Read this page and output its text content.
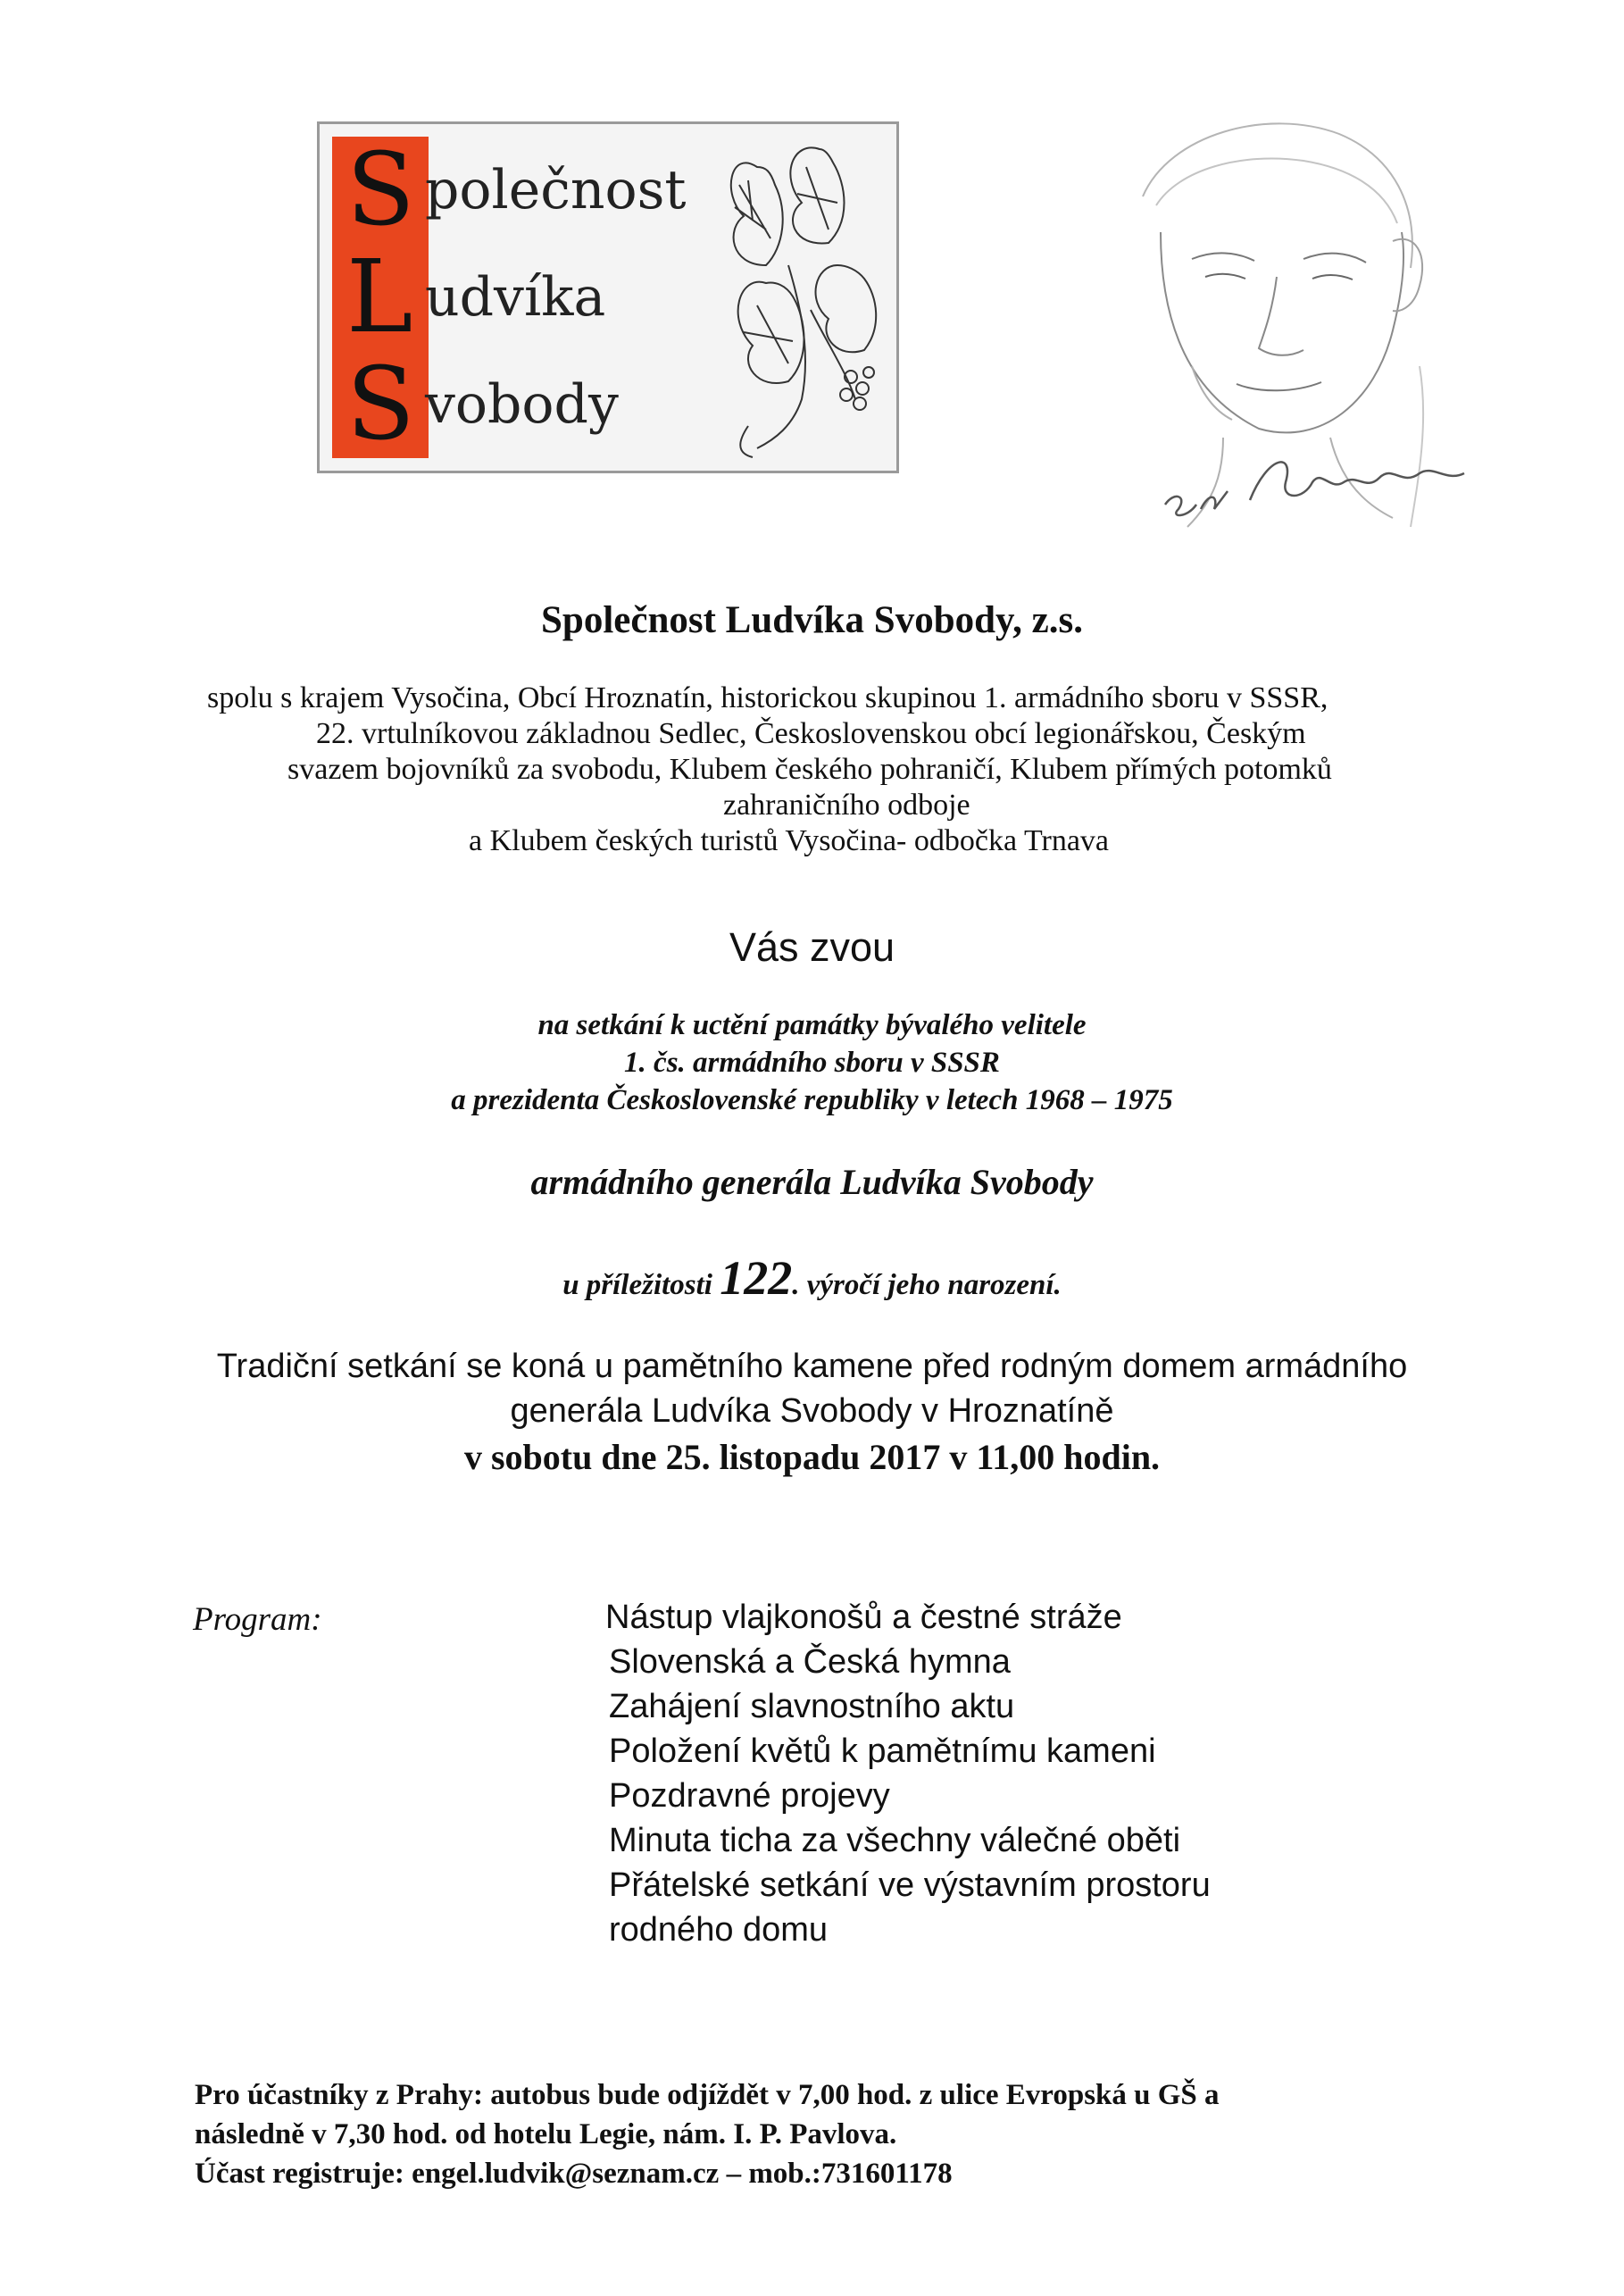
Společnost
Ludvíka
Svobody
Společnost Ludvíka Svobody, z.s.
spolu s krajem Vysočina, Obcí Hroznatín, historickou skupinou 1. armádního sboru v SSSR,
22. vrtulníkovou základnou Sedlec, Československou obcí legionářskou, Českým
svazem bojovníků za svobodu, Klubem českého pohraničí, Klubem přímých potomků
zahraničního odboje
a Klubem českých turistů Vysočina- odbočka Trnava
Vás zvou
na setkání k uctění památky bývalého velitele
1. čs. armádního sboru v SSSR
a prezidenta Československé republiky v letech 1968 – 1975
armádního generála Ludvíka Svobody
u příležitosti 122. výročí jeho narození.
Tradiční setkání se koná u pamětního kamene před rodným domem armádního
generála Ludvíka Svobody v Hroznatíně
v sobotu dne 25. listopadu 2017 v 11,00 hodin.
Program:	Nástup vlajkonošů a čestné stráže
Slovenská a Česká hymna
Zahájení slavnostního aktu
Položení květů k pamětnímu kameni
Pozdravné projevy
Minuta ticha za všechny válečné oběti
Přátelské setkání ve výstavním prostoru
rodného domu
Pro účastníky z Prahy: autobus bude odjíždět v 7,00 hod. z ulice Evropská u GŠ a
následně v 7,30 hod. od hotelu Legie, nám. I. P. Pavlova.
Účast registruje: engel.ludvik@seznam.cz – mob.:731601178
